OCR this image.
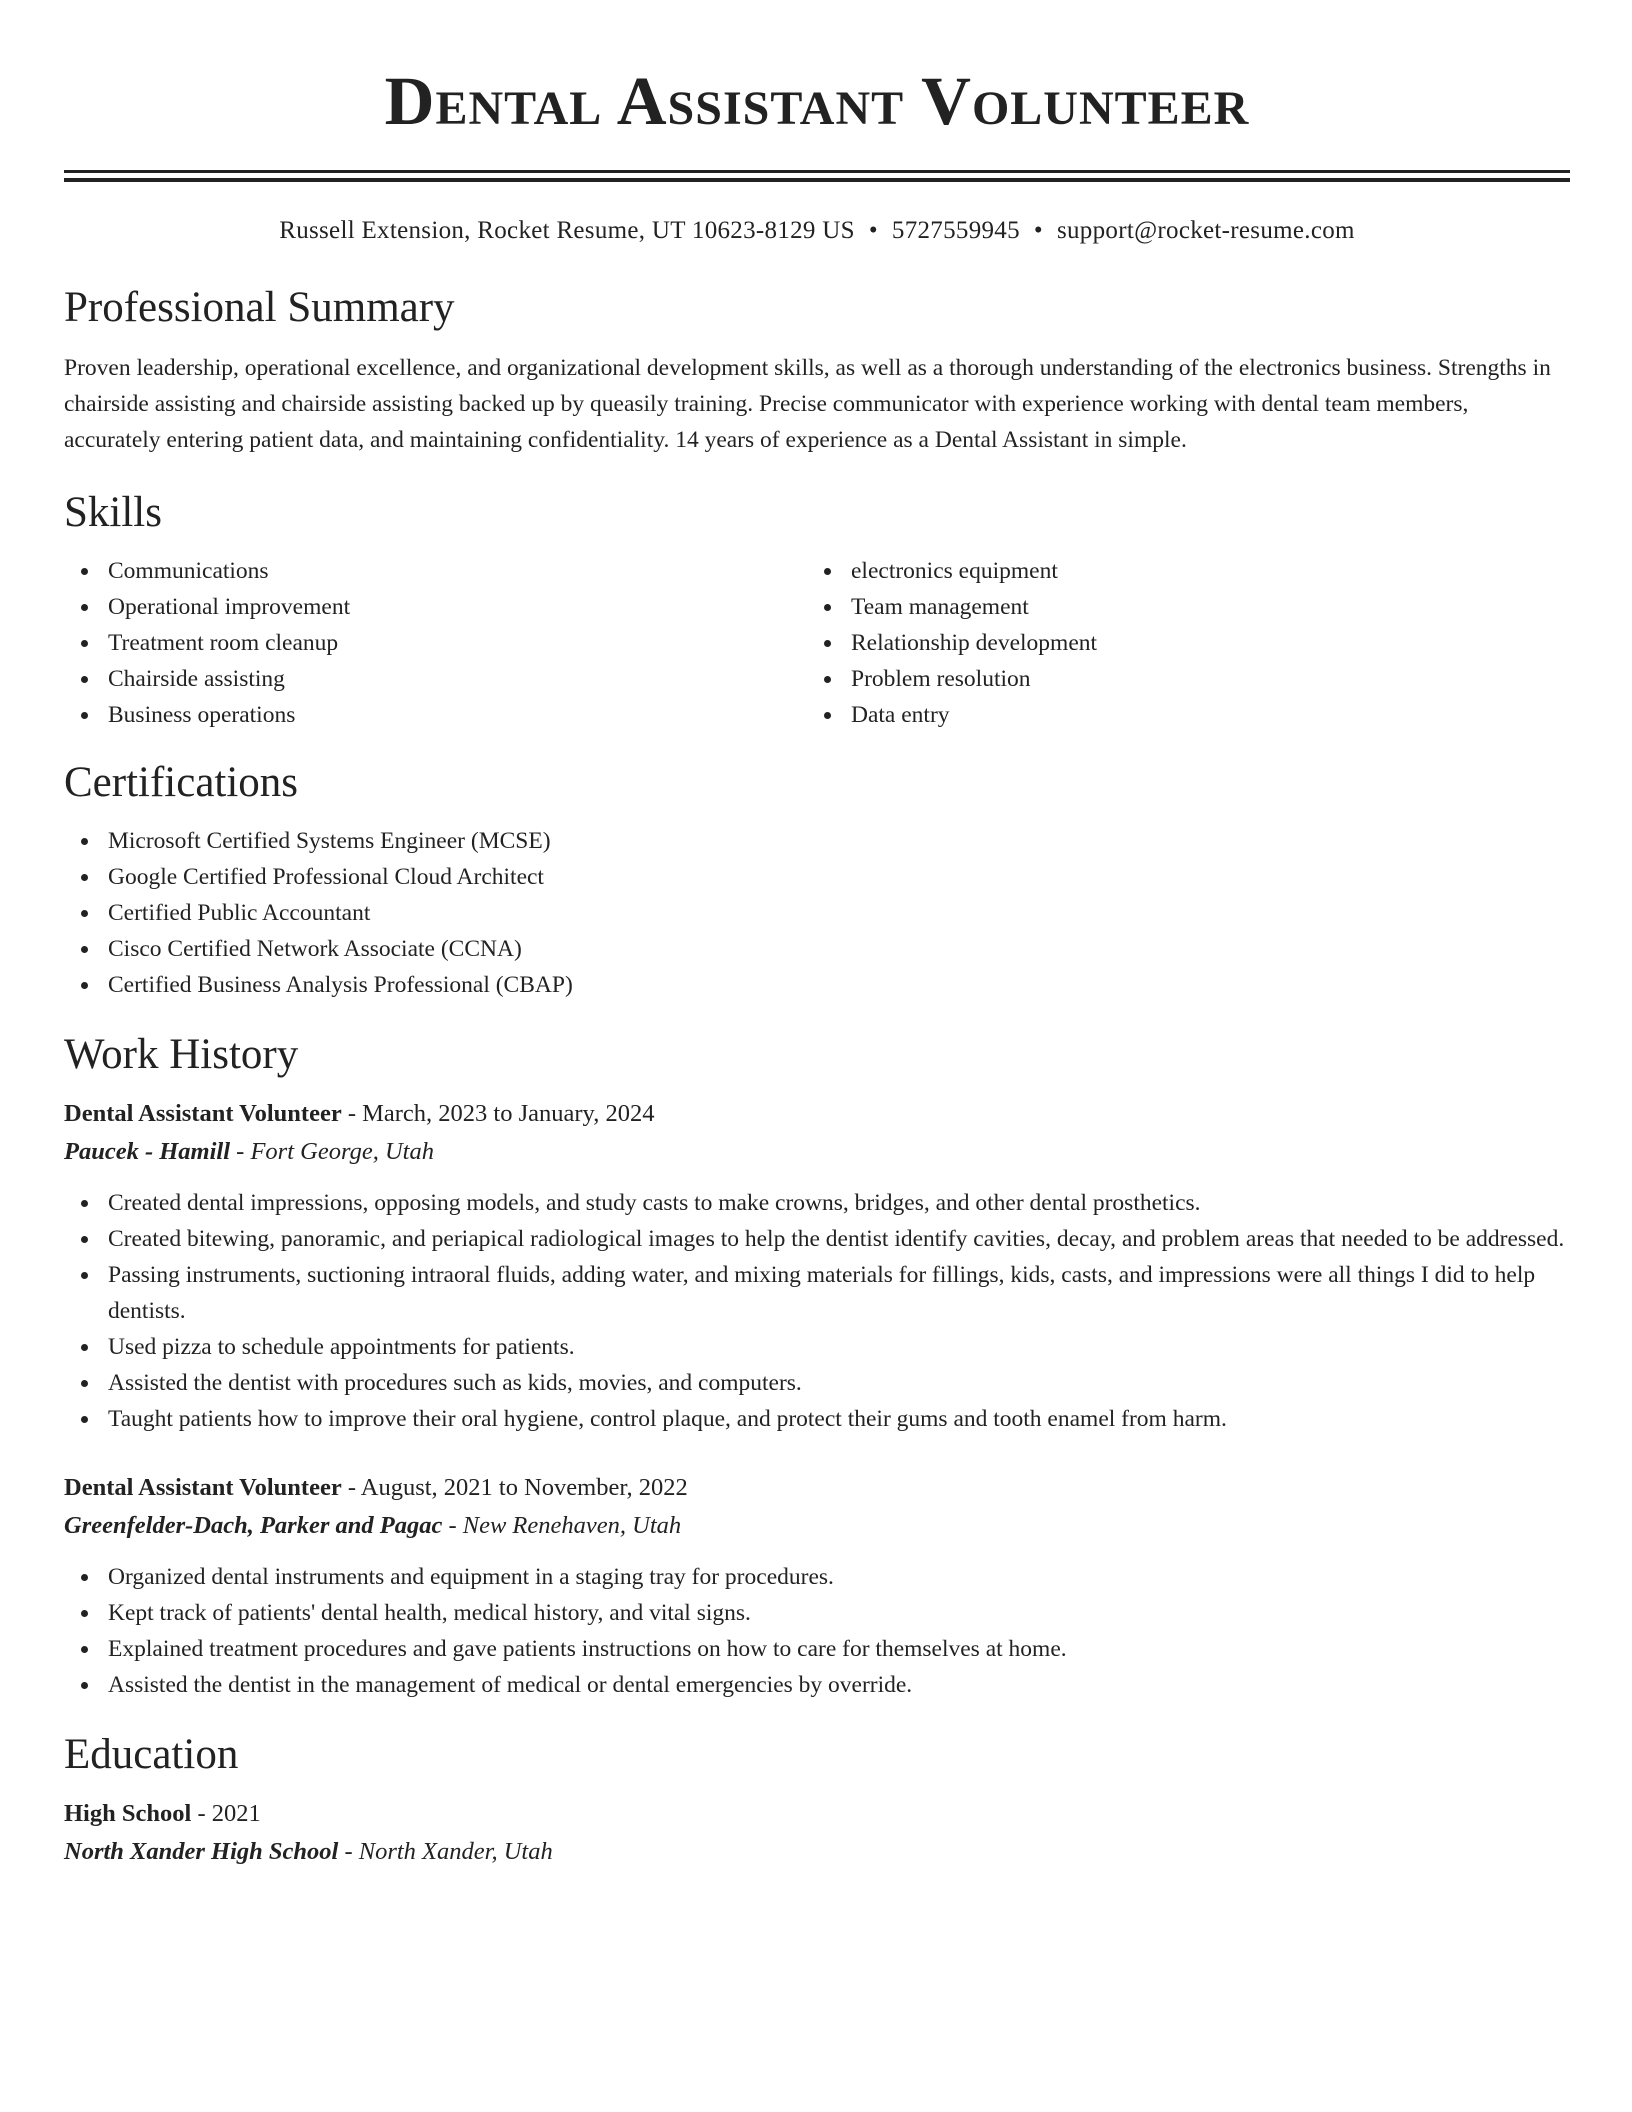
Dental Assistant Volunteer
Russell Extension, Rocket Resume, UT 10623-8129 US • 5727559945 • support@rocket-resume.com
Professional Summary

Proven leadership, operational excellence, and organizational development skills, as well as a thorough understanding of the electronics business. Strengths in chairside assisting and chairside assisting backed up by queasily training. Precise communicator with experience working with dental team members, accurately entering patient data, and maintaining confidentiality. 14 years of experience as a Dental Assistant in simple.

Skills
Communications
Operational improvement
Treatment room cleanup
Chairside assisting
Business operations
electronics equipment
Team management
Relationship development
Problem resolution
Data entry
Certifications
Microsoft Certified Systems Engineer (MCSE)
Google Certified Professional Cloud Architect
Certified Public Accountant
Cisco Certified Network Associate (CCNA)
Certified Business Analysis Professional (CBAP)
Work History
Dental Assistant Volunteer - March, 2023 to January, 2024
Paucek - Hamill - Fort George, Utah
Created dental impressions, opposing models, and study casts to make crowns, bridges, and other dental prosthetics.
Created bitewing, panoramic, and periapical radiological images to help the dentist identify cavities, decay, and problem areas that needed to be addressed.
Passing instruments, suctioning intraoral fluids, adding water, and mixing materials for fillings, kids, casts, and impressions were all things I did to help dentists.
Used pizza to schedule appointments for patients.
Assisted the dentist with procedures such as kids, movies, and computers.
Taught patients how to improve their oral hygiene, control plaque, and protect their gums and tooth enamel from harm.
Dental Assistant Volunteer - August, 2021 to November, 2022
Greenfelder-Dach, Parker and Pagac - New Renehaven, Utah
Organized dental instruments and equipment in a staging tray for procedures.
Kept track of patients' dental health, medical history, and vital signs.
Explained treatment procedures and gave patients instructions on how to care for themselves at home.
Assisted the dentist in the management of medical or dental emergencies by override.
Education
High School - 2021
North Xander High School - North Xander, Utah
